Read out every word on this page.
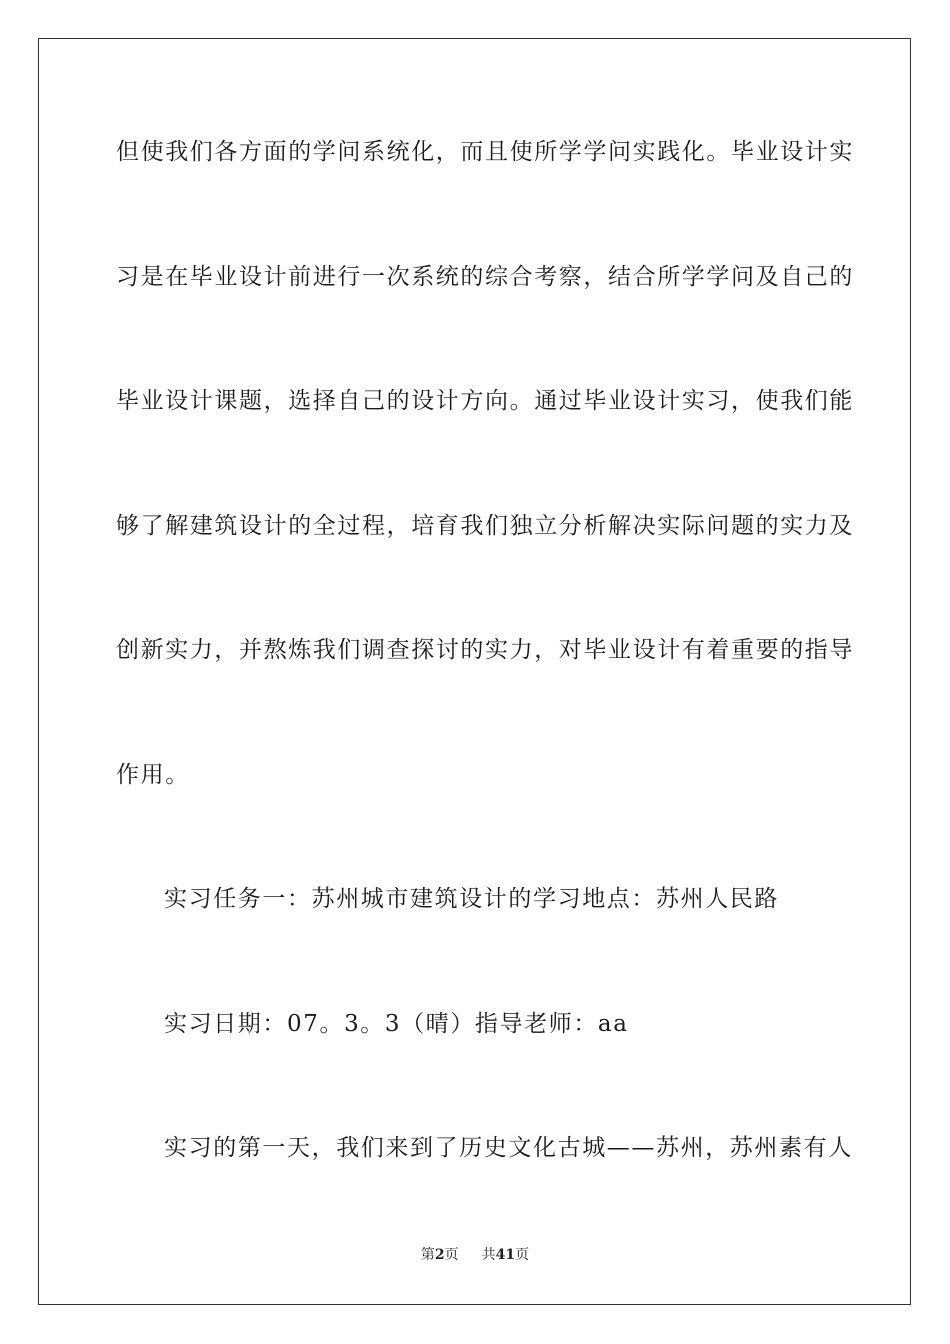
但使我们各方面的学问系统化，而且使所学学问实践化。毕业设计实
习是在毕业设计前进行一次系统的综合考察，结合所学学问及自己的
毕业设计课题，选择自己的设计方向。通过毕业设计实习，使我们能
够了解建筑设计的全过程，培育我们独立分析解决实际问题的实力及
创新实力，并熬炼我们调查探讨的实力，对毕业设计有着重要的指导
作用。
实习任务一：苏州城市建筑设计的学习地点：苏州人民路
实习日期：07。3。3（晴）指导老师：aa
实习的第一天，我们来到了历史文化古城——苏州，苏州素有人
第2页 共41页
